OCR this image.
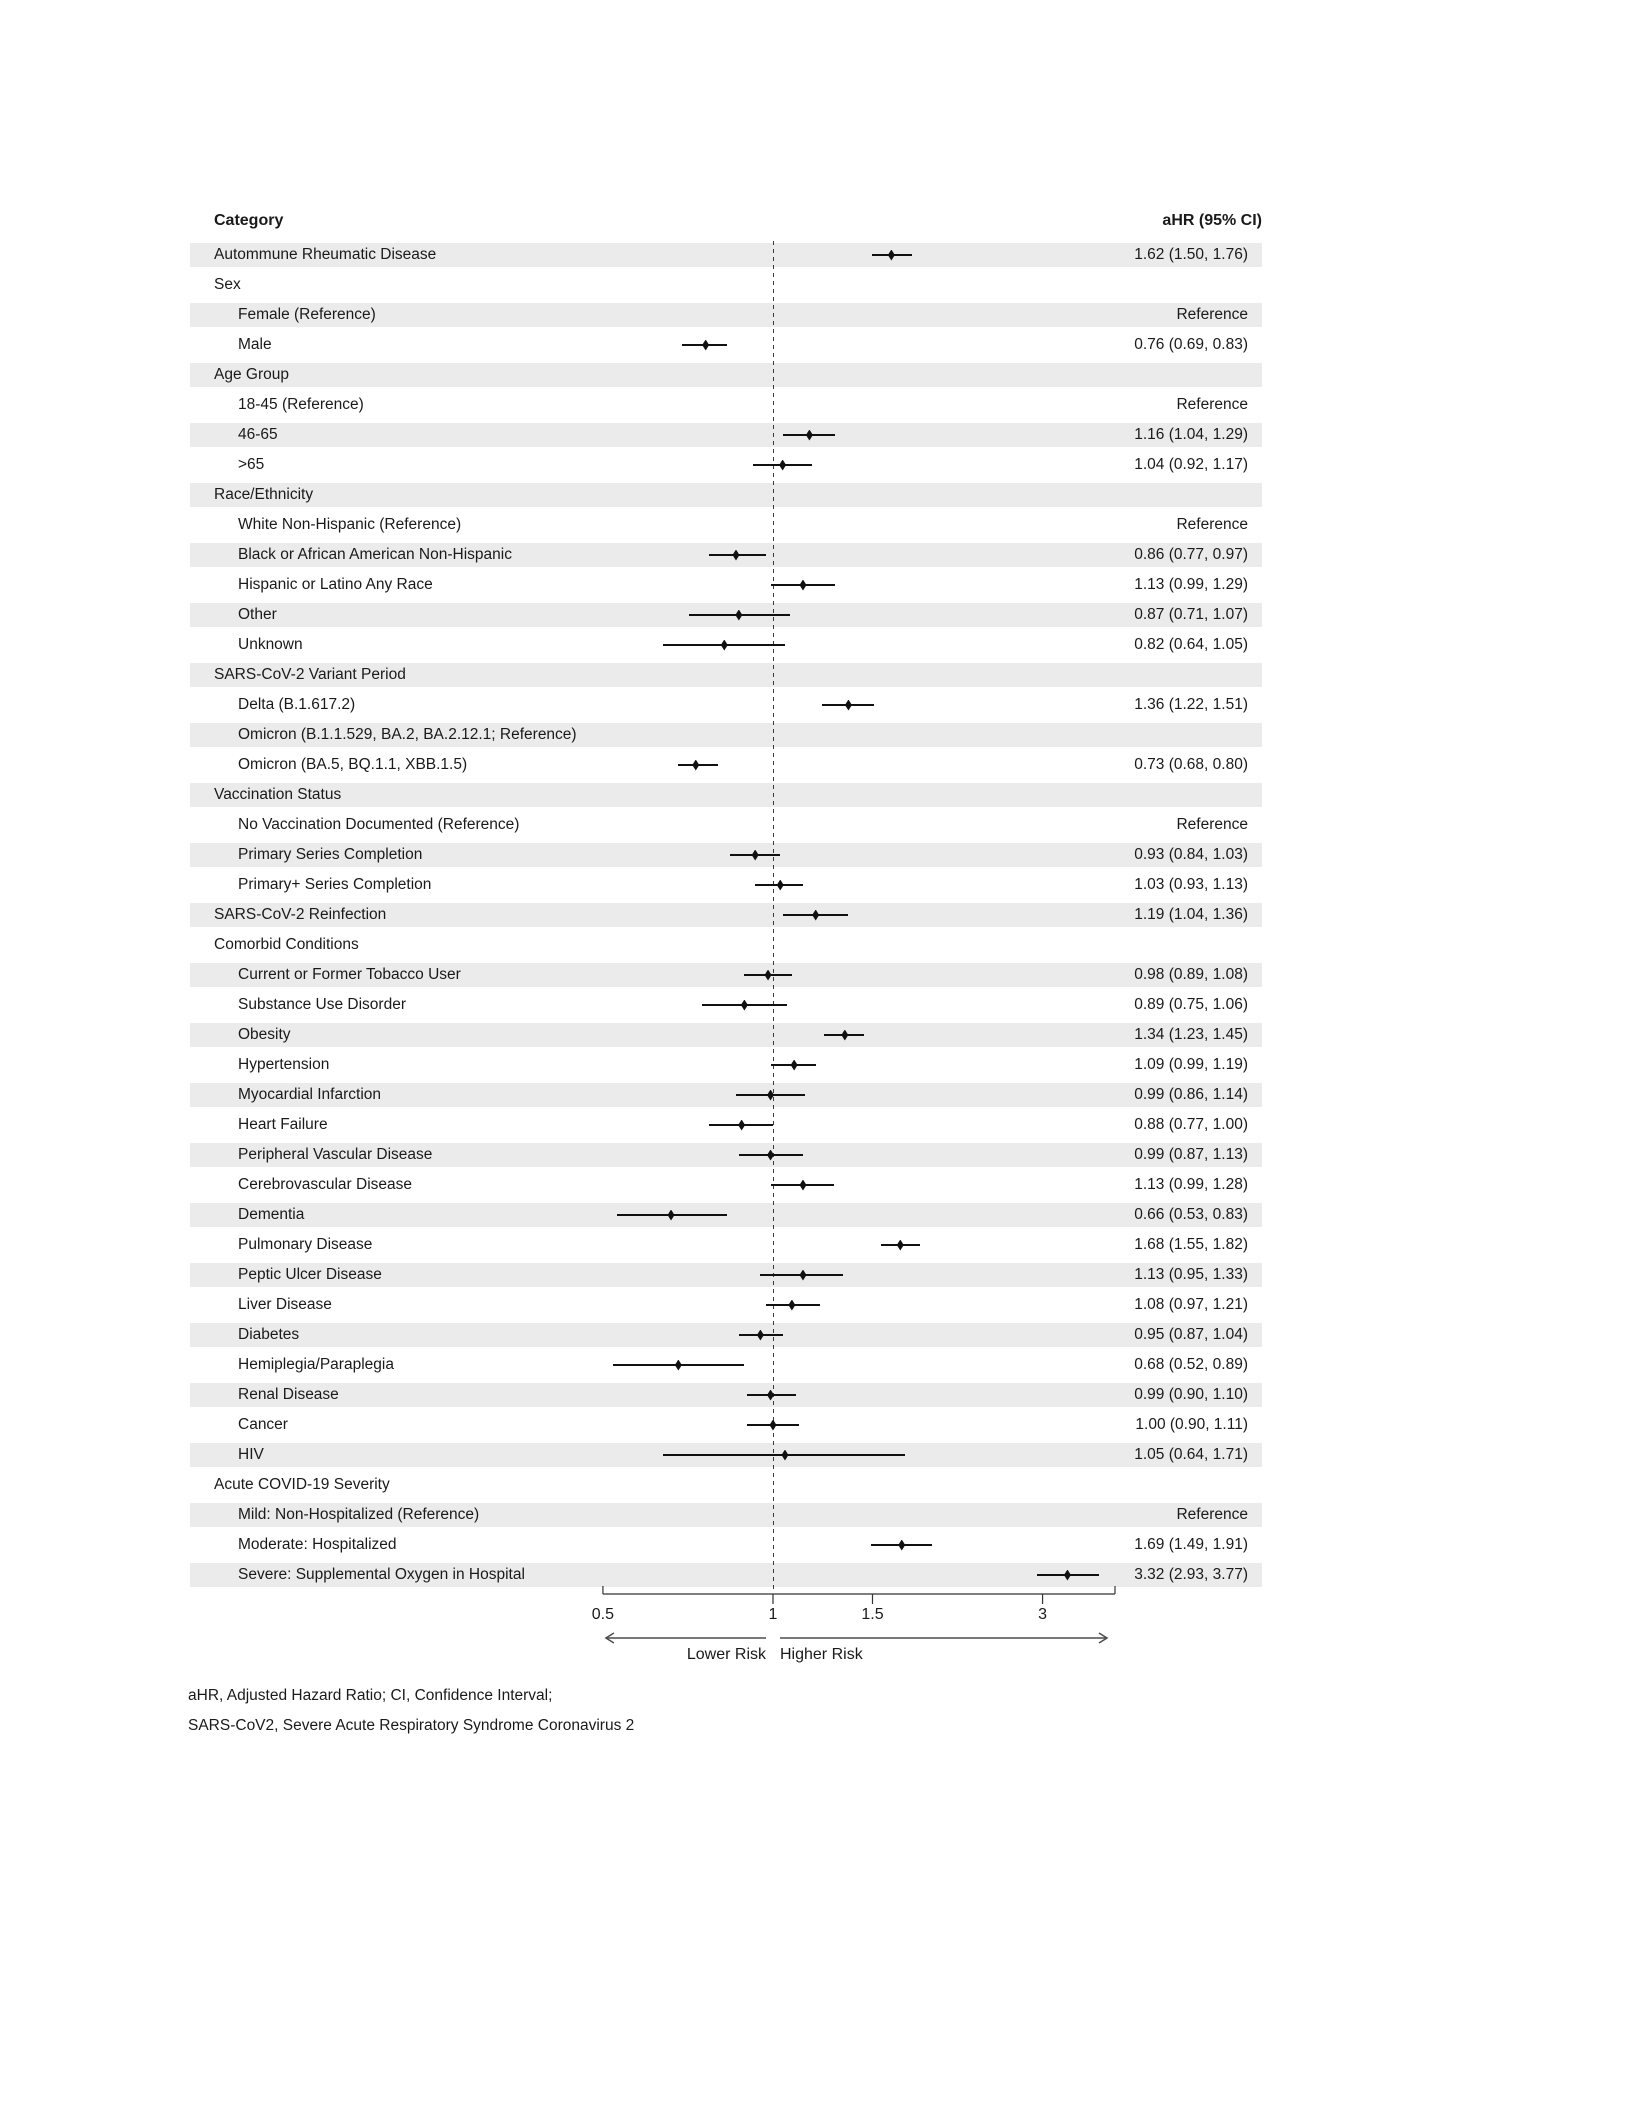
Category	aHR (95% CI)
Autommune Rheumatic Disease	1.62 (1.50, 1.76)
Sex
Female (Reference)	Reference
Male	0.76 (0.69, 0.83)
Age Group
18-45 (Reference)	Reference
46-65	1.16 (1.04, 1.29)
>65	1.04 (0.92, 1.17)
Race/Ethnicity
White Non-Hispanic (Reference)	Reference
Black or African American Non-Hispanic	0.86 (0.77, 0.97)
Hispanic or Latino Any Race	1.13 (0.99, 1.29)
Other	0.87 (0.71, 1.07)
Unknown	0.82 (0.64, 1.05)
SARS-CoV-2 Variant Period
Delta (B.1.617.2)	1.36 (1.22, 1.51)
Omicron (B.1.1.529, BA.2, BA.2.12.1; Reference)
Omicron (BA.5, BQ.1.1, XBB.1.5)	0.73 (0.68, 0.80)
Vaccination Status
No Vaccination Documented (Reference)	Reference
Primary Series Completion	0.93 (0.84, 1.03)
Primary+ Series Completion	1.03 (0.93, 1.13)
SARS-CoV-2 Reinfection	1.19 (1.04, 1.36)
Comorbid Conditions
Current or Former Tobacco User	0.98 (0.89, 1.08)
Substance Use Disorder	0.89 (0.75, 1.06)
Obesity	1.34 (1.23, 1.45)
Hypertension	1.09 (0.99, 1.19)
Myocardial Infarction	0.99 (0.86, 1.14)
Heart Failure	0.88 (0.77, 1.00)
Peripheral Vascular Disease	0.99 (0.87, 1.13)
Cerebrovascular Disease	1.13 (0.99, 1.28)
Dementia	0.66 (0.53, 0.83)
Pulmonary Disease	1.68 (1.55, 1.82)
Peptic Ulcer Disease	1.13 (0.95, 1.33)
Liver Disease	1.08 (0.97, 1.21)
Diabetes	0.95 (0.87, 1.04)
Hemiplegia/Paraplegia	0.68 (0.52, 0.89)
Renal Disease	0.99 (0.90, 1.10)
Cancer	1.00 (0.90, 1.11)
HIV	1.05 (0.64, 1.71)
Acute COVID-19 Severity
Mild: Non-Hospitalized (Reference)	Reference
Moderate: Hospitalized	1.69 (1.49, 1.91)
Severe: Supplemental Oxygen in Hospital	3.32 (2.93, 3.77)
0.5	1	1.5	3
Lower Risk Higher Risk
aHR, Adjusted Hazard Ratio; CI, Confidence Interval;
SARS-CoV2, Severe Acute Respiratory Syndrome Coronavirus 2
